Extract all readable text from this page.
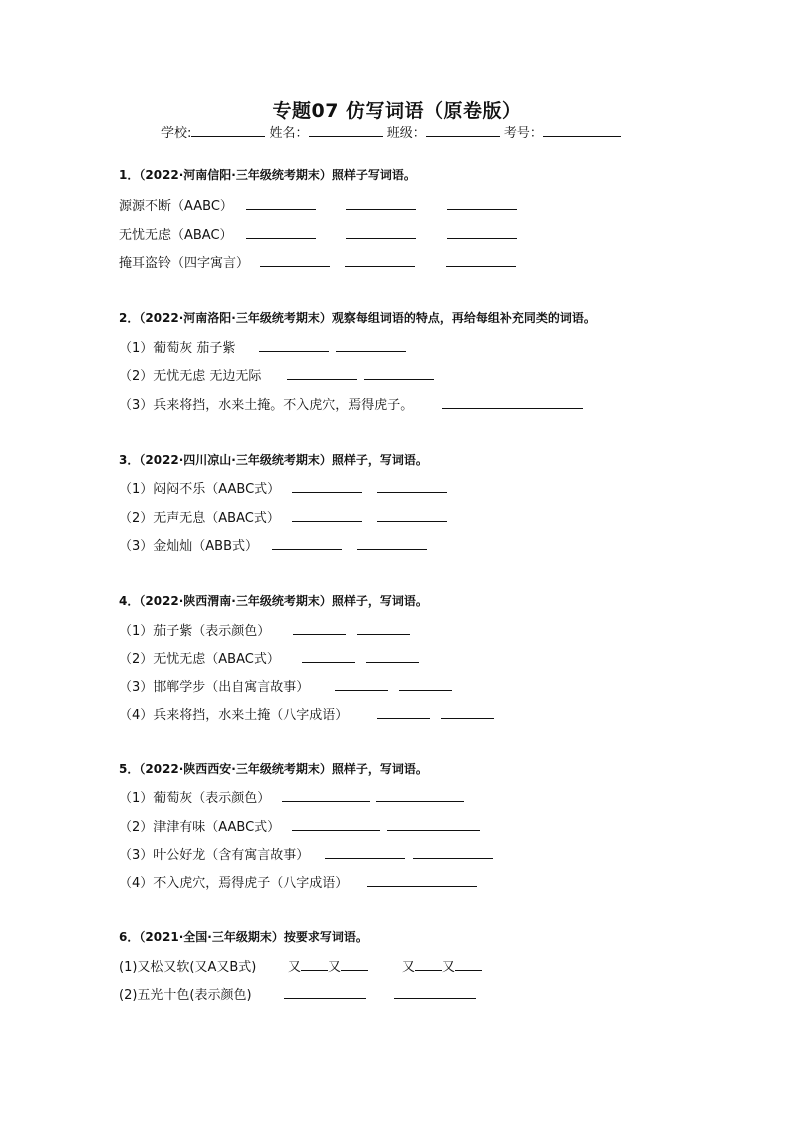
专题07 仿写词语（原卷版）
学校:	姓名：	班级：	考号：
1．（2022·河南信阳·三年级统考期末）照样子写词语。
源源不断（AABC）
无忧无虑（ABAC）
掩耳盗铃（四字寓言）
2．（2022·河南洛阳·三年级统考期末）观察每组词语的特点，再给每组补充同类的词语。
（1）葡萄灰 茄子紫
（2）无忧无虑 无边无际
（3）兵来将挡，水来土掩。不入虎穴，焉得虎子。
3．（2022·四川凉山·三年级统考期末）照样子，写词语。
（1）闷闷不乐（AABC式）
（2）无声无息（ABAC式）
（3）金灿灿（ABB式）
4．（2022·陕西渭南·三年级统考期末）照样子，写词语。
（1）茄子紫（表示颜色）
（2）无忧无虑（ABAC式）
（3）邯郸学步（出自寓言故事）
（4）兵来将挡，水来土掩（八字成语）
5．（2022·陕西西安·三年级统考期末）照样子，写词语。
（1）葡萄灰（表示颜色）
（2）津津有味（AABC式）
（3）叶公好龙（含有寓言故事）
（4）不入虎穴，焉得虎子（八字成语）
6．（2021·全国·三年级期末）按要求写词语。
(1)又松又软(又A又B式) 又 又	又 又
(2)五光十色(表示颜色)
